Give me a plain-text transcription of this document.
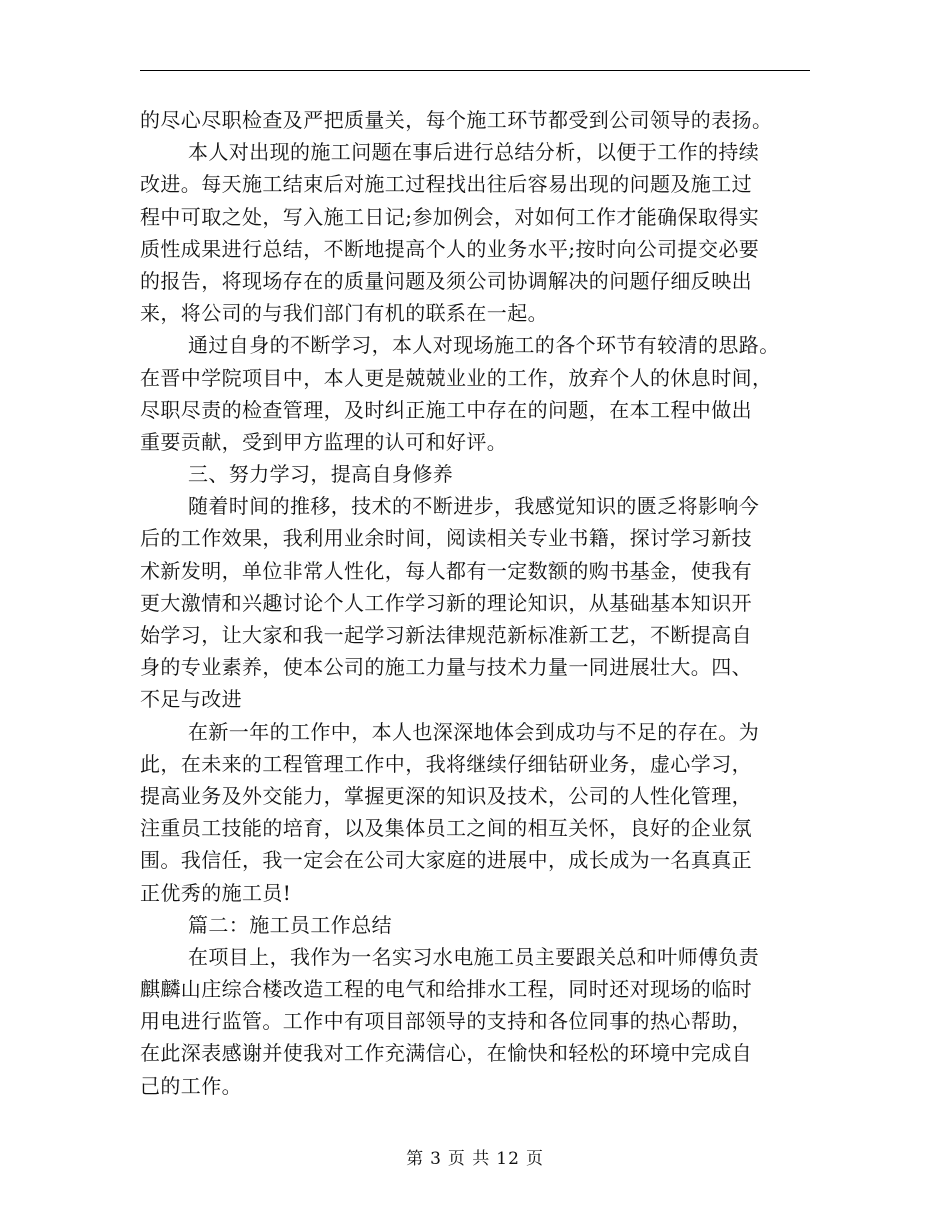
的尽心尽职检查及严把质量关，每个施工环节都受到公司领导的表扬。
本人对出现的施工问题在事后进行总结分析，以便于工作的持续
改进。每天施工结束后对施工过程找出往后容易出现的问题及施工过
程中可取之处，写入施工日记;参加例会，对如何工作才能确保取得实
质性成果进行总结，不断地提高个人的业务水平;按时向公司提交必要
的报告，将现场存在的质量问题及须公司协调解决的问题仔细反映出
来，将公司的与我们部门有机的联系在一起。
通过自身的不断学习，本人对现场施工的各个环节有较清的思路。
在晋中学院项目中，本人更是兢兢业业的工作，放弃个人的休息时间，
尽职尽责的检查管理，及时纠正施工中存在的问题，在本工程中做出
重要贡献，受到甲方监理的认可和好评。
三、努力学习，提高自身修养
随着时间的推移，技术的不断进步，我感觉知识的匮乏将影响今
后的工作效果，我利用业余时间，阅读相关专业书籍，探讨学习新技
术新发明，单位非常人性化，每人都有一定数额的购书基金，使我有
更大激情和兴趣讨论个人工作学习新的理论知识，从基础基本知识开
始学习，让大家和我一起学习新法律规范新标准新工艺，不断提高自
身的专业素养，使本公司的施工力量与技术力量一同进展壮大。四、
不足与改进
在新一年的工作中，本人也深深地体会到成功与不足的存在。为
此，在未来的工程管理工作中，我将继续仔细钻研业务，虚心学习，
提高业务及外交能力，掌握更深的知识及技术，公司的人性化管理，
注重员工技能的培育，以及集体员工之间的相互关怀，良好的企业氛
围。我信任，我一定会在公司大家庭的进展中，成长成为一名真真正
正优秀的施工员!
篇二：施工员工作总结
在项目上，我作为一名实习水电施工员主要跟关总和叶师傅负责
麒麟山庄综合楼改造工程的电气和给排水工程，同时还对现场的临时
用电进行监管。工作中有项目部领导的支持和各位同事的热心帮助，
在此深表感谢并使我对工作充满信心，在愉快和轻松的环境中完成自
己的工作。
第 3 页 共 12 页
